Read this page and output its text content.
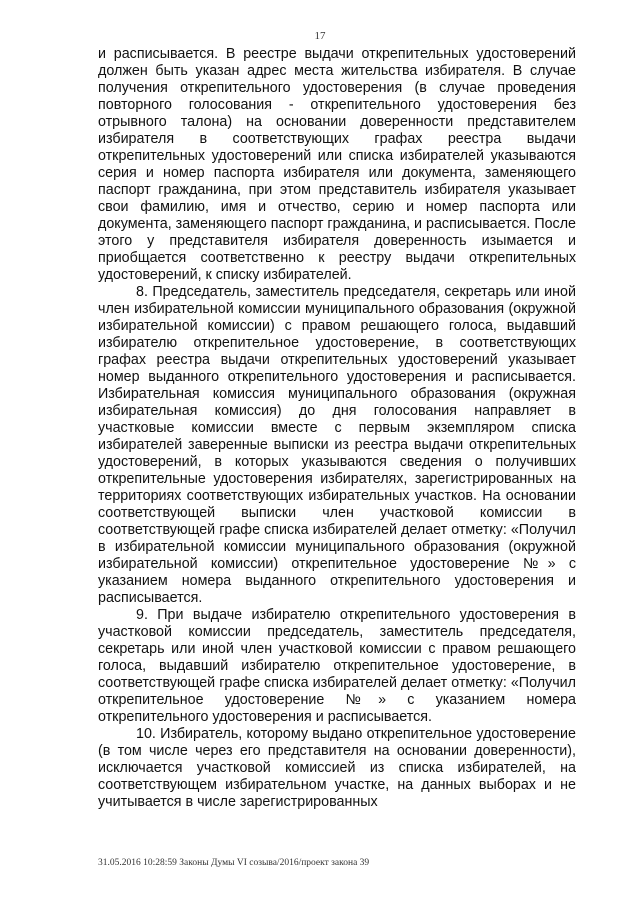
17

и расписывается. В реестре выдачи открепительных удостоверений должен быть указан адрес места жительства избирателя. В случае получения открепительного удостоверения (в случае проведения повторного голосования - открепительного удостоверения без отрывного талона) на основании доверенности представителем избирателя в соответствующих графах реестра выдачи открепительных удостоверений или списка избирателей указываются серия и номер паспорта избирателя или документа, заменяющего паспорт гражданина, при этом представитель избирателя указывает свои фамилию, имя и отчество, серию и номер паспорта или документа, заменяющего паспорт гражданина, и расписывается. После этого у представителя избирателя доверенность изымается и приобщается соответственно к реестру выдачи открепительных удостоверений, к списку избирателей.

8. Председатель, заместитель председателя, секретарь или иной член избирательной комиссии муниципального образования (окружной избирательной комиссии) с правом решающего голоса, выдавший избирателю открепительное удостоверение, в соответствующих графах реестра выдачи открепительных удостоверений указывает номер выданного открепительного удостоверения и расписывается. Избирательная комиссия муниципального образования (окружная избирательная комиссия) до дня голосования направляет в участковые комиссии вместе с первым экземпляром списка избирателей заверенные выписки из реестра выдачи открепительных удостоверений, в которых указываются сведения о получивших открепительные удостоверения избирателях, зарегистрированных на территориях соответствующих избирательных участков. На основании соответствующей выписки член участковой комиссии в соответствующей графе списка избирателей делает отметку: «Получил в избирательной комиссии муниципального образования (окружной избирательной комиссии) открепительное удостоверение №» с указанием номера выданного открепительного удостоверения и расписывается.

9. При выдаче избирателю открепительного удостоверения в участковой комиссии председатель, заместитель председателя, секретарь или иной член участковой комиссии с правом решающего голоса, выдавший избирателю открепительное удостоверение, в соответствующей графе списка избирателей делает отметку: «Получил открепительное удостоверение №» с указанием номера открепительного удостоверения и расписывается.

10. Избиратель, которому выдано открепительное удостоверение (в том числе через его представителя на основании доверенности), исключается участковой комиссией из списка избирателей, на соответствующем избирательном участке, на данных выборах и не учитывается в числе зарегистрированных

31.05.2016 10:28:59 Законы Думы VI созыва/2016/проект закона 39
